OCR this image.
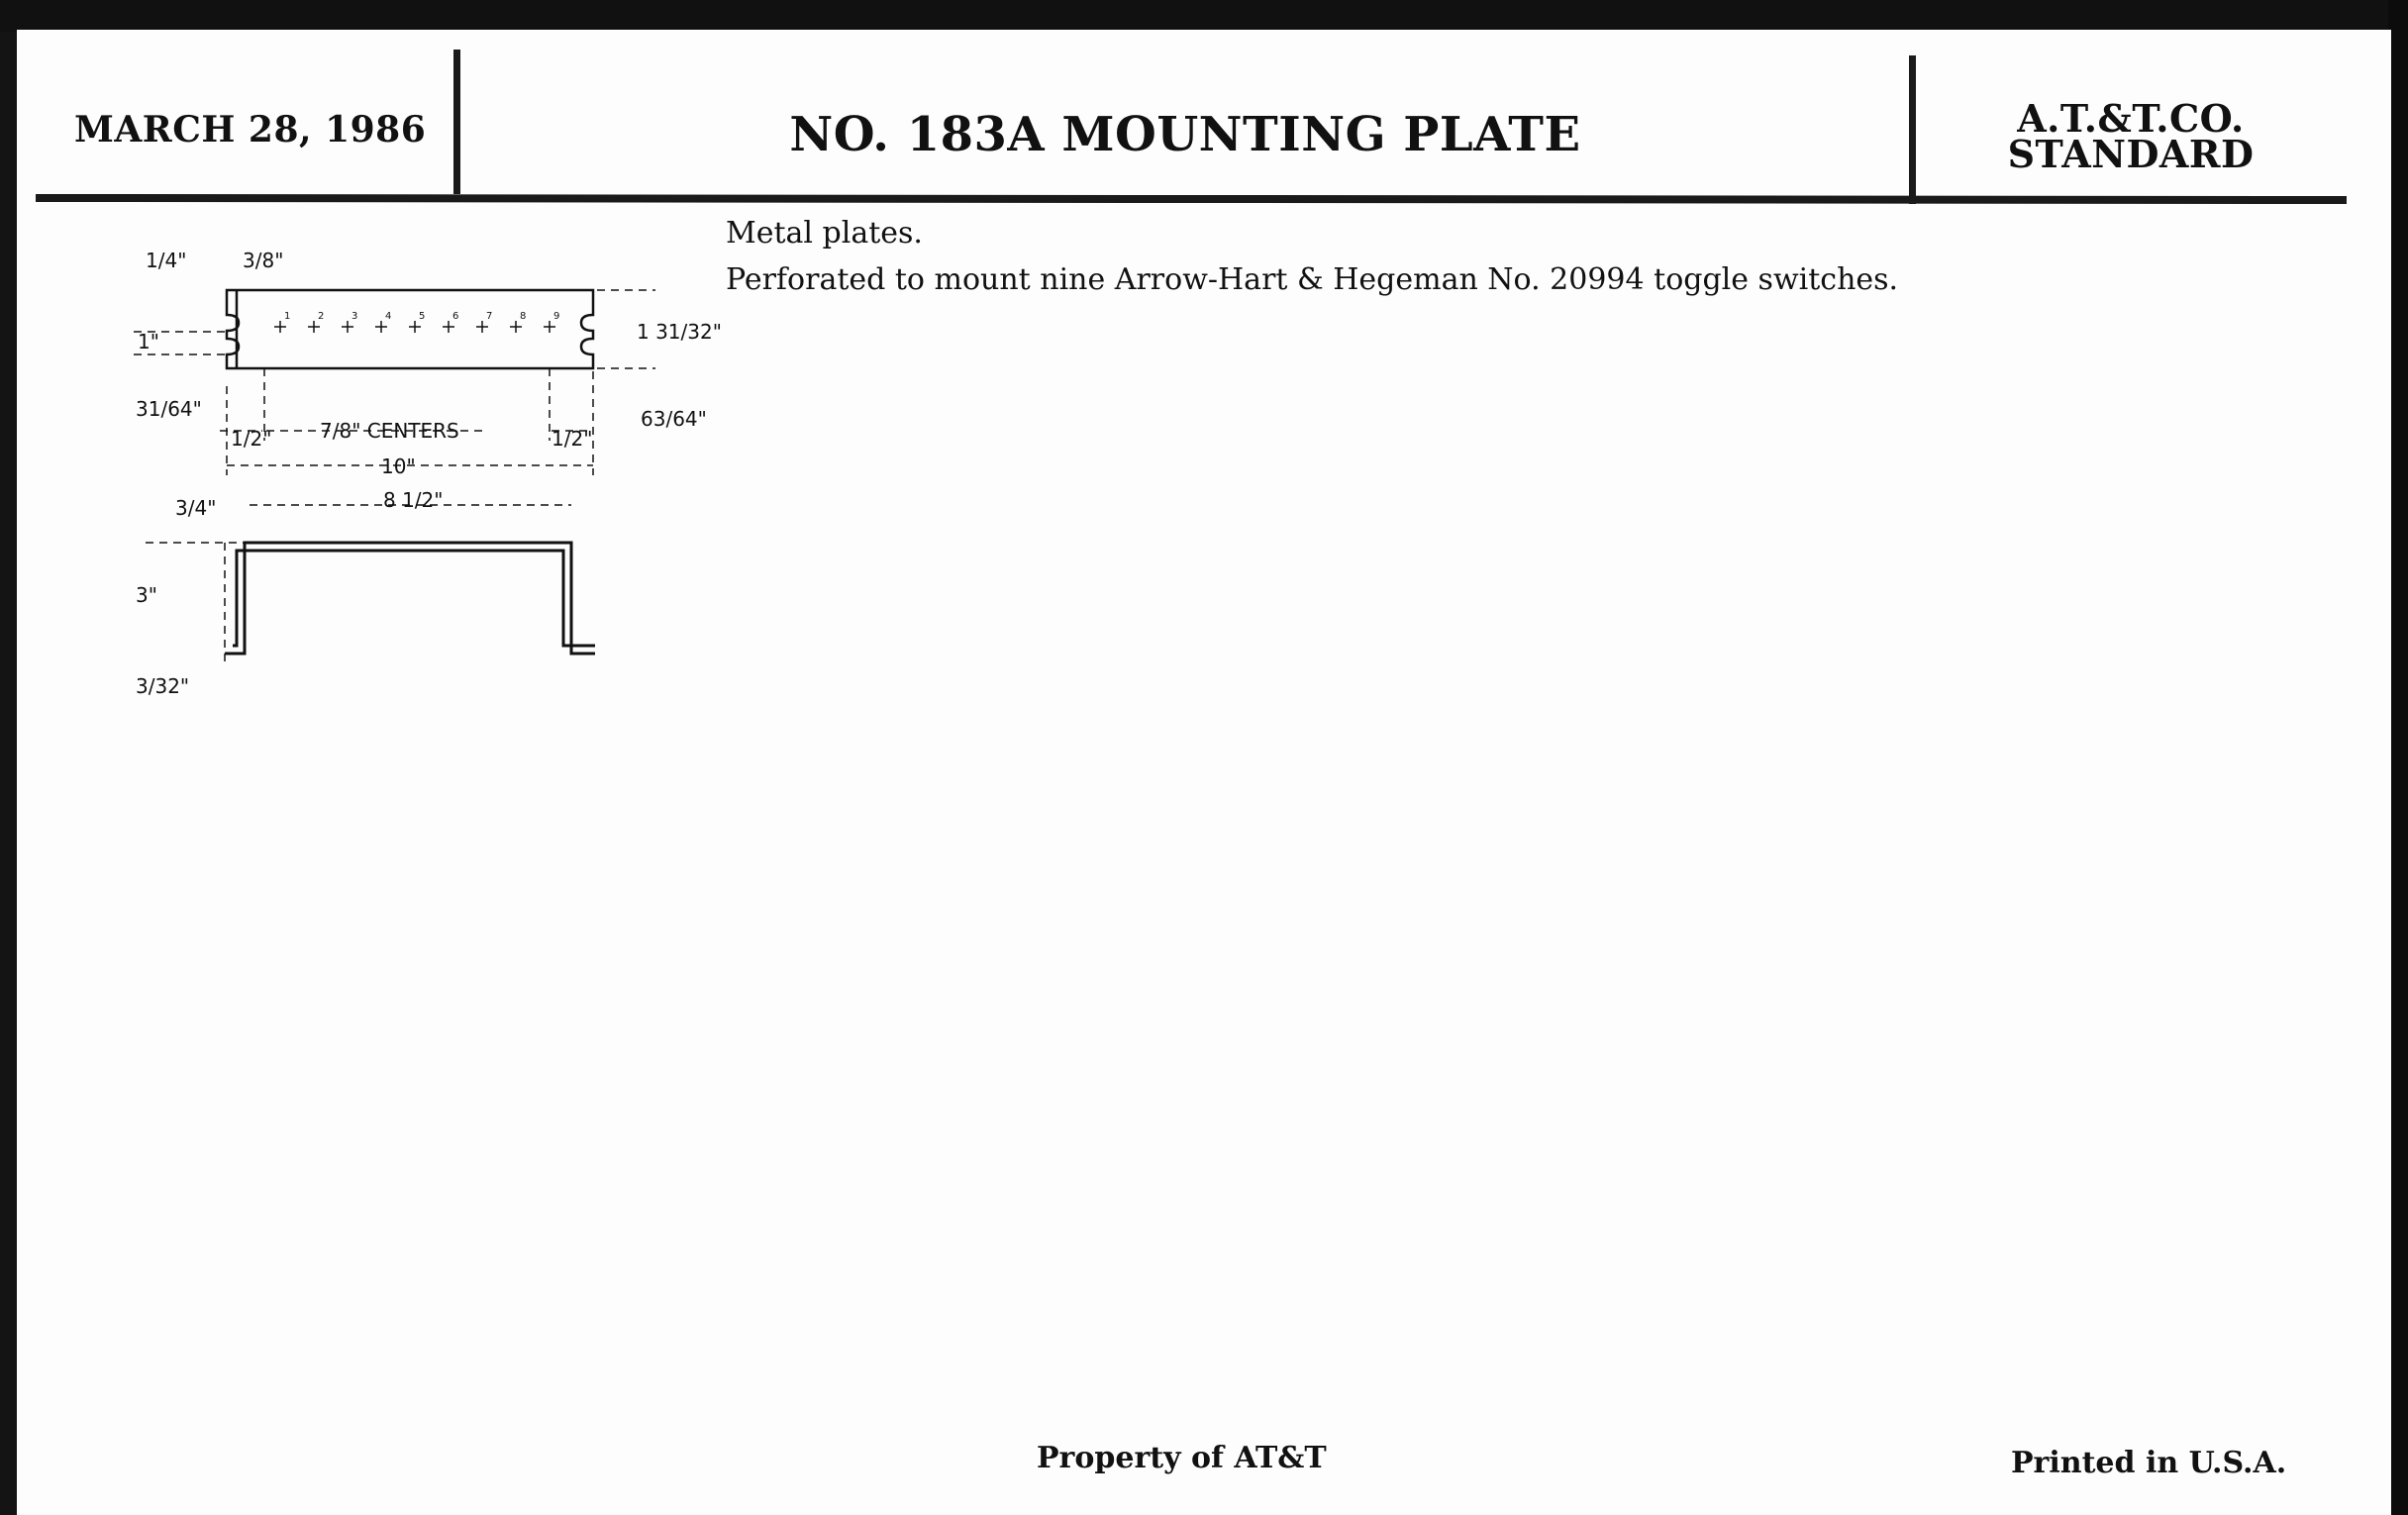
MARCH 28, 1986	NO. 183A MOUNTING PLATE	A.T.&T.CO.
STANDARD

Metal plates.

Perforated to mount nine Arrow-Hart & Hegeman No. 20994 toggle switches.

1	2	3	4	5	6	7	8	9
1/4"	3/8"
1"	1 31/32"
31/64"	63/64"
1/2" 7/8" CENTERS	1/2"
10"
3/4"	8 1/2"
3"
3/32"
Property of AT&T	Printed in U.S.A.
